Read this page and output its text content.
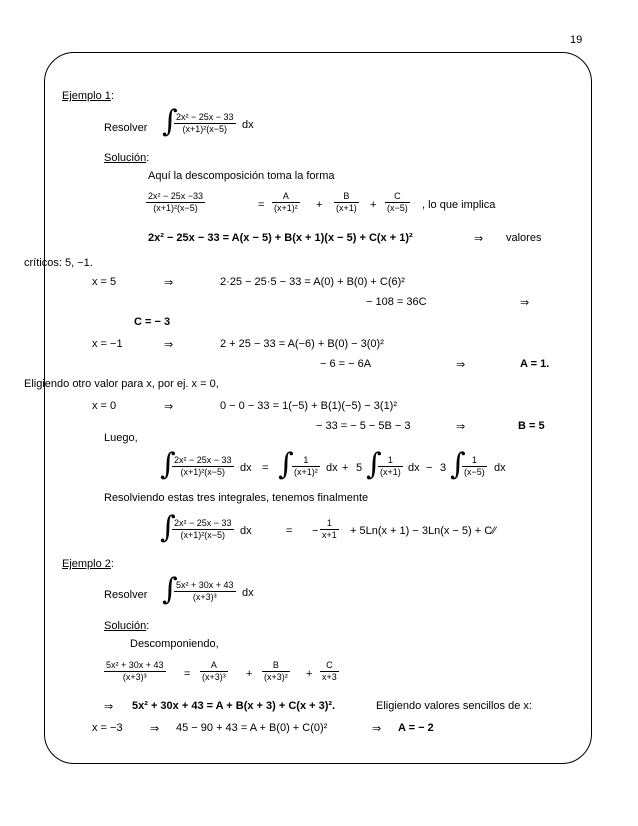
19
Ejemplo 1:
Resolver ∫
2x² − 25x − 33
(x+1)²(x−5) dx
Solución:
Aquí la descomposición toma la forma
2x² − 25x −33
(x+1)²(x−5)	=
A
(x+1)² +
B
(x+1) +
C
(x−5) , lo que implica
2x² − 25x − 33 = A(x − 5) + B(x + 1)(x − 5) + C(x + 1)²	⇒ valores
críticos: 5, −1.
x = 5	⇒	2·25 − 25·5 − 33 = A(0) + B(0) + C(6)²
− 108 = 36C	⇒
C = − 3
x = −1	⇒	2 + 25 − 33 = A(−6) + B(0) − 3(0)²
− 6 = − 6A	⇒	A = 1.
Eligiendo otro valor para x, por ej. x = 0,
x = 0	⇒	0 − 0 − 33 = 1(−5) + B(1)(−5) − 3(1)²
− 33 = − 5 − 5B − 3	⇒	B = 5
Luego,
∫
2x² − 25x − 33
(x+1)²(x−5) dx = ∫ 1
(x+1)² dx + 5 ∫ 1
(x+1) dx − 3 ∫ 1
(x−5) dx
Resolviendo estas tres integrales, tenemos finalmente
∫
2x² − 25x − 33
(x+1)²(x−5) dx	= −
1
x+1 + 5Ln(x + 1) − 3Ln(x − 5) + C⁄⁄
Ejemplo 2:
Resolver ∫
5x² + 30x + 43
(x+3)³ dx
Solución:
Descomponiendo,
5x² + 30x + 43
(x+3)³	=
A
(x+3)³ +
B
(x+3)² +
C
x+3
⇒ 5x² + 30x + 43 = A + B(x + 3) + C(x + 3)².	Eligiendo valores sencillos de x:
x = −3 ⇒ 45 − 90 + 43 = A + B(0) + C(0)²	⇒ A = − 2
